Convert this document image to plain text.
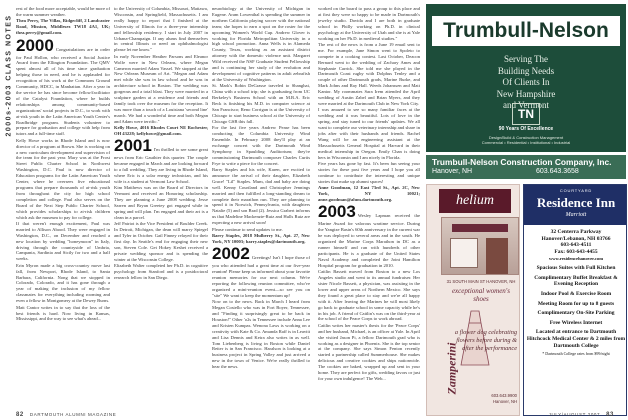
2000s-2003 CLASS NOTES

rest of the food more acceptable, would be more of the warm summer weather.

Thea Perry, The Villas, Ridgecliff, 2 Landcaster Road, Mission, Middlesex TW18 4A1, UK; thea.perry@gmail.com.

2000 Congratulations are in order for Paul Hollon, who received a Social Justice Award from the Ellington Foundation. The QMV spent almost all of his time since graduation helping those in need, and he is applauded for recognition of his work at the Commons Ground Community, HDCC, in Manhattan. After a year in the service he has since become fellow/facilitator of the Catalyst Foundation, where he builds relationships among community-based organizations' social projects in D.C., to work with at-risk youth in the Latin American Youth Center's Roadbridge program. Students volunteer to prepare for graduation and college with help from tutors and a full-time staff.

Kelly Howe works in Rhode Island and is now director of a program at Brown. She is working on a new curriculum development and supervision of the team for the past year. Mary was at the Frost Street Public Charter School in Northwest Washington, D.C. Paul is now director of Education programs for the Latin American Youth Center, where he oversees five educational programs that prepare thousands of at-risk youth from throughout the city for high school completion and college. Paul also serves on the Board of the Next Step Public Charter School, which provides scholarships to at-risk children which ask the museum to pay for college.

If that weren't enough excitement, Paul was married to Allison Abood. They were engaged in Washington, D.C., on December and reached a new location by wedding "honeymoon" in Italy, driving through the countryside of Umbria, Campania, Sardinia and Sicily for two and a half weeks.

Erin Myron made a big cross-country move last fall, from Newport, Rhode Island, to Santa Barbara, California. Nong that we stopped in Colorado, Colorado, and it has gone through a year of making the inclusion of my fellow classmates for everything including rooming and even a fellow in Montgomery at the Dewey Burns.

Matt Cantor writes in to say that the loss of the best friends is hard. Now living in Kansas, Mississippi, and the way to see what's ahead...

to the University of Columbia, Missouri, Mattawa, Wisconsin, and Springfield, Massachusetts. I am really happy to report that I finished at the University of Illinois for a three-year internship and fellowship residency. I start in July 2007 in Urbana-Champaign. If any alums find themselves in central Illinois or need an ophthalmologist please let me know."

In early November Heather Parsons and Eleanor Wolfe were in New Orleans, where Megan Cameron married Adam Vassel. We stopped at the New Orleans Museum of Art. "Megan and Adam met while she was in law school and he was in architecture school in Boston. The wedding was gorgeous and a total blast. They were married in a sculpture garden at a residence and friends and family took over the museum for the reception. It was more than a touch of a Louisiana 'second line' march. We had a wonderful time and both Megan and Adam were terrific."

Kelly Howe, 4016 Rhodes Court NE Rochester, OH 43228; kellyhowe@gmail.com.

2001 I'm thrilled to see some great news from Eric Gauthier this quarter. The couple became engaged in March and are looking forward to a fall wedding. They are living in Rhode Island, where Eric is a solar energy technician, and his wife is a student at Vermont Law School.

Kim Matthews was on the Board of Directors in Vermont and received an Honoring scholarship. They are planning a June 2008 wedding. Jesse Sarren and Bryan Greetey got engaged while in spring and will plan. I'm engaged and their art is a clean in a parcel.

Jeff Patriot is the Vice President of Boulder Creek. In Detroit, Michigan, the dean will marry Spiegel and Tyler in October. Gail Finney relayed for their first day. In Seattle's end for engaging their new son, Steven Cole. Get Hokey Keshet received a private wedding sponsor and is spending the winter at the Wisconsin College.

Elizabeth Walter completed her Ph.D. in cognitive psychology from Stanford and is a postdoctoral research fellow in San Diego.

neurobiology at the University of Michigan in Eugene. Aram Lowenthal is spending the summer in northern California playing soccer with the national team; she hopes to earn a spot on the roster for the upcoming Women's World Cup. Andrew Glover is working for Florida Metropolitan University in a high school promotion. Anna Wells is in Alameda County, Texas, working as an assistant district attorney with the domestic violence unit. Margaret Wild received the NSF Graduate Student Fellowship and is continuing her study of the evolution and development of cognitive patterns in adult zebrafish at the University of Washington.

St. Mark's Robin DeGrasse traveled to Shanghai, China with a school trip; she is graduating from UC Berkeley's Business School with an M.B.A. Eric Beck is finishing his M.D. in computer science at San Francisco; Reno Corrigan is at the University of Chicago to start business school at the University of Chicago GSB this fall.

For the last five years Andrew Pease has been conducting the Columbia University Wind Ensemble. In February 2008 they'll play at an exchange concert with the Dartmouth Wind Symphony in Spaulding Auditorium; they're commissioning Dartmouth composer Charles Curtis Frye to write a piece for the concert.

Barry Staples and his wife, Karen, are excited to announce the arrival of their daughter, Elizabeth Grace! "Lil" Staples. Mum, dad and baby are doing well. Kenny Courtland and Christopher Jennings married and then fulfilled a long-standing dream to complete their marathon run. They are planning to spend it in Norwich, Pennsylvania, with daughters Natalie (5) and son Brad (2). Jessica Grabert informs us that Madeline Mackenzie-Ruiz and Hulls Ruiz are expecting a new arrival soon!

Please continue to send updates to me.

Barry Staples, 2018 Mulberry St., Apt. 27, New York, NY 10003; barry.staples@dartmouth.org.

2002 Greetings! Isn't I hope those of you who attended had a great time at our five-year reunion! Please keep us informed about your favorite reunion memories for our next column. We're reporting the following reunion committee, who've organized a mini-reunion event—so see you on "site" We want to keep the momentum up!

Now on to the news. Back in March I heard from Megan Costello who was in Fort Boyer, Tennessee, and "Finding it surprisingly great to be back in Houston!" Other 'o2s in Tennessee include Anna Lee and Kristen Kumpas. Wenona Laws is working on a creativity with Kate & Co. Amanda Raff is in Leavitt and Lisa Dennis and Keira also writes in as well. Tom Liebenberg is living in Boston while Daniel Reiter is in San Francisco. Haralson is looking at a business project in Spring Valley and just arrived a new in the town of Venice. We're really thrilled to hear the news.

82 DARTMOUTH ALUMNI MAGAZINE

worked on the board to pass a group to this place and at first they were so happy to be made in Dartmouth's jewelry studio. Davida and I are both in graduate school in Philly working on Ph.D. in clinical psychology at the University of Utah and she is at Yale working on her Ph.D. in medieval studies."

The rest of the news is from a June 19 email sent to me. For example, Jane Simon went to Spoleto to compete in a cooking contest. Last October, Deacon Bernard went to the wedding of Zachary Ames and Stephanie Carrick. She told me she played in the Dartmouth Coast rugby with Dolphus Tenley and a couple of other Dartmouth grads, Marine Burke, and Mark Johns and Ray Hall. Weeds Johanssen and Matt Kantor. My roommates Sara Irem attended the April wedding of Austin Zabel and Brian Myers, and they were married at the Dartmouth Club in New York City.

I was amazed to see so many familiar faces at the wedding and it was beautiful. Lots of love in the spring, and stay tuned to our friends' updates. We all want to complete our veterinary internship and share in jobs after with their husbands and friends. Rachel Wang will be an engineering assistant at the Massachusetts General Hospital at Harvard in their medical internship in Oregon. Emily Chan is doing hers in Wisconsin and I am nicely in Florida.

Five years has gone by fast. It's been fun seeing your stories for these past five years and I hope you all continue to contribute the interesting and unique stories that make up alumni spaces!

Anne Goodman, 12 East 73rd St., Apt. 2C, New York, NY 10021; anne.goodman@alum.dartmouth.org.

2003 Wesley Lapman received the Marine Award for valorous wartime service. During the Yangtze Basin's 60th anniversary in the current war he was deployed to several areas and in the south. He organized the Marine Corps Marathon in DC as a runner himself and ran with hundreds of other participants. He is a graduate of the United States Naval Academy and completed the Joint Hamilton Hospital program for graduation in 2010.

Caitlin Bassett moved from Boston to a new Los Angeles studio and went to its annual fundraiser. Her sister Nicole Bassett, a physician, was assisting in the lower and upper areas of Northern Mexico. She says they found a great place to stay and we're all happy with it. After leaving the Marines he will most likely go back to graduate school in some capacity while he's in his job. A friend of Caitlin's was on the third-year at the school of the Peace Corps to work abroad.

Caitlin writes her master's thesis for the 'Peace Corps' and her husband, Michael, is an officer at Yale. In April she visited Jason Pi, a fellow Dartmouth grad who is working as a designer in Phoenix. She is the top senior at the company. She says Simon Fenton recently started a partnership called Summerhouse. She makes delicious and creative cookies and ships nationwide. The cookies are baked, wrapped up and sent in your home. They are perfect for gifts, wedding favors or just for your own indulgence! The Web...

Trumbull-Nelson
Serving The
Building Needs
Of Clients In
New Hampshire
and Vermont
TN
90 Years Of Excellence
Design/Build & Construction Management
Commercial • Residential • Institutional • Industrial
Trumbull-Nelson Construction Company, Inc.
Hanover, NH	603.643.3658
helium
Zamperini
31 SOUTH MAIN ST HANOVER, NH
exceptional women's shoes
a flower dog celebrating flowers before during & after the performance
603.643.9900
Hanover, NH
COURTYARD
Residence Inn
Marriott
32 Centerra Parkway
Hanover/Lebanon, NH 03766
603-643-4511
Fax: 603-643-4455
www.residencehanover.com
Spacious Suites with Full Kitchen
Complimentary Buffet Breakfast & Evening Reception
Indoor Pool & Exercise Room
Meeting Room for up to 8 guests
Complimentary On-Site Parking
Free Wireless Internet
Located at entrance to Dartmouth Hitchcock Medical Center & 2 miles from Dartmouth College
* Dartmouth College rates from $99/night
JULY/AUGUST 2007 83
